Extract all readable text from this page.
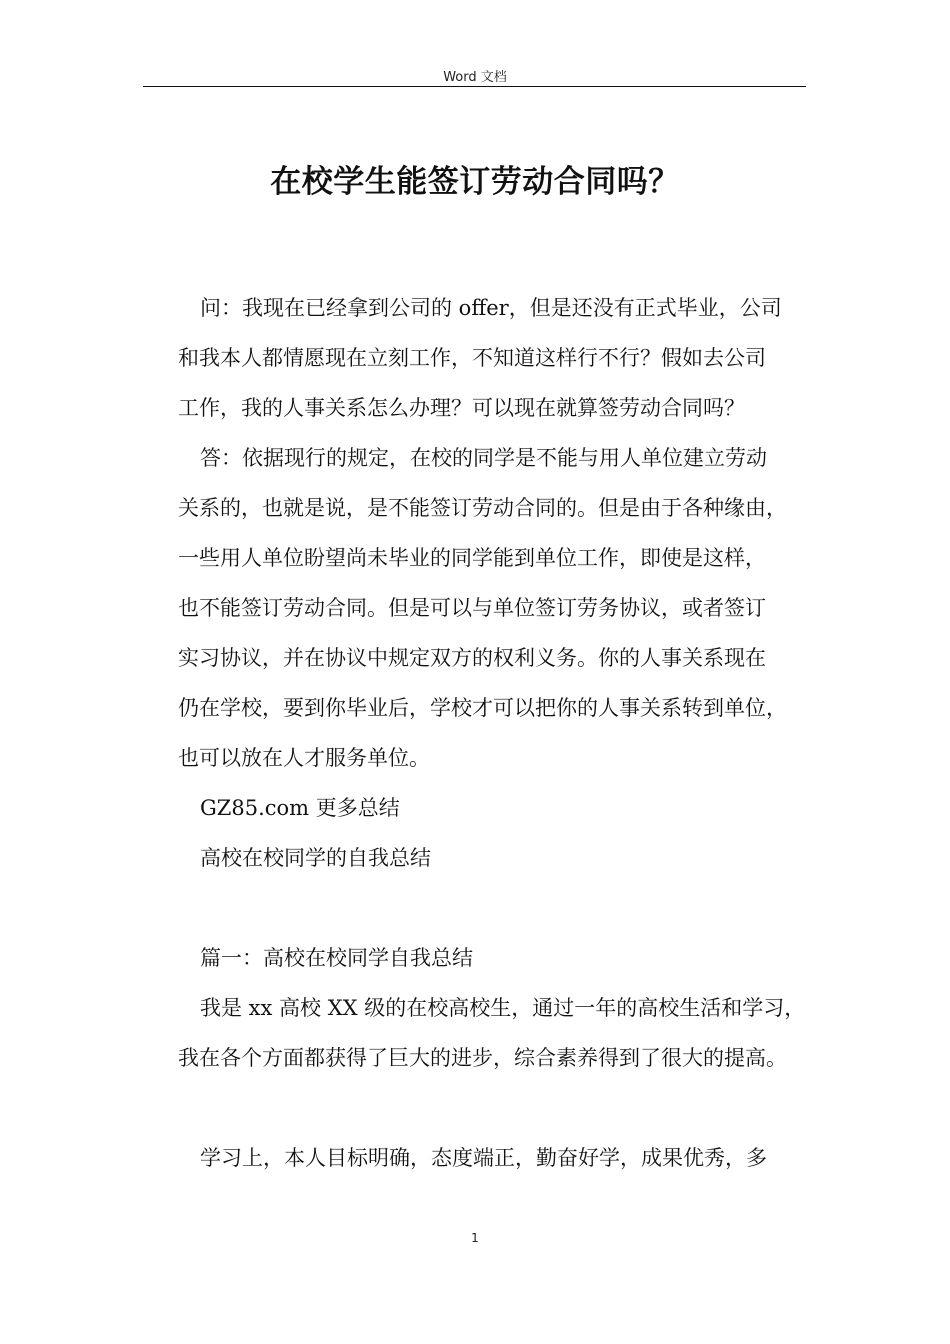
Word 文档
在校学生能签订劳动合同吗？
问：我现在已经拿到公司的 offer，但是还没有正式毕业，公司
和我本人都情愿现在立刻工作，不知道这样行不行？假如去公司
工作，我的人事关系怎么办理？可以现在就算签劳动合同吗？
答：依据现行的规定，在校的同学是不能与用人单位建立劳动
关系的，也就是说，是不能签订劳动合同的。但是由于各种缘由，
一些用人单位盼望尚未毕业的同学能到单位工作，即使是这样，
也不能签订劳动合同。但是可以与单位签订劳务协议，或者签订
实习协议，并在协议中规定双方的权利义务。你的人事关系现在
仍在学校，要到你毕业后，学校才可以把你的人事关系转到单位，
也可以放在人才服务单位。
GZ85.com 更多总结
高校在校同学的自我总结
篇一：高校在校同学自我总结
我是 xx 高校 XX 级的在校高校生，通过一年的高校生活和学习，
我在各个方面都获得了巨大的进步，综合素养得到了很大的提高。
学习上，本人目标明确，态度端正，勤奋好学，成果优秀，多
1
